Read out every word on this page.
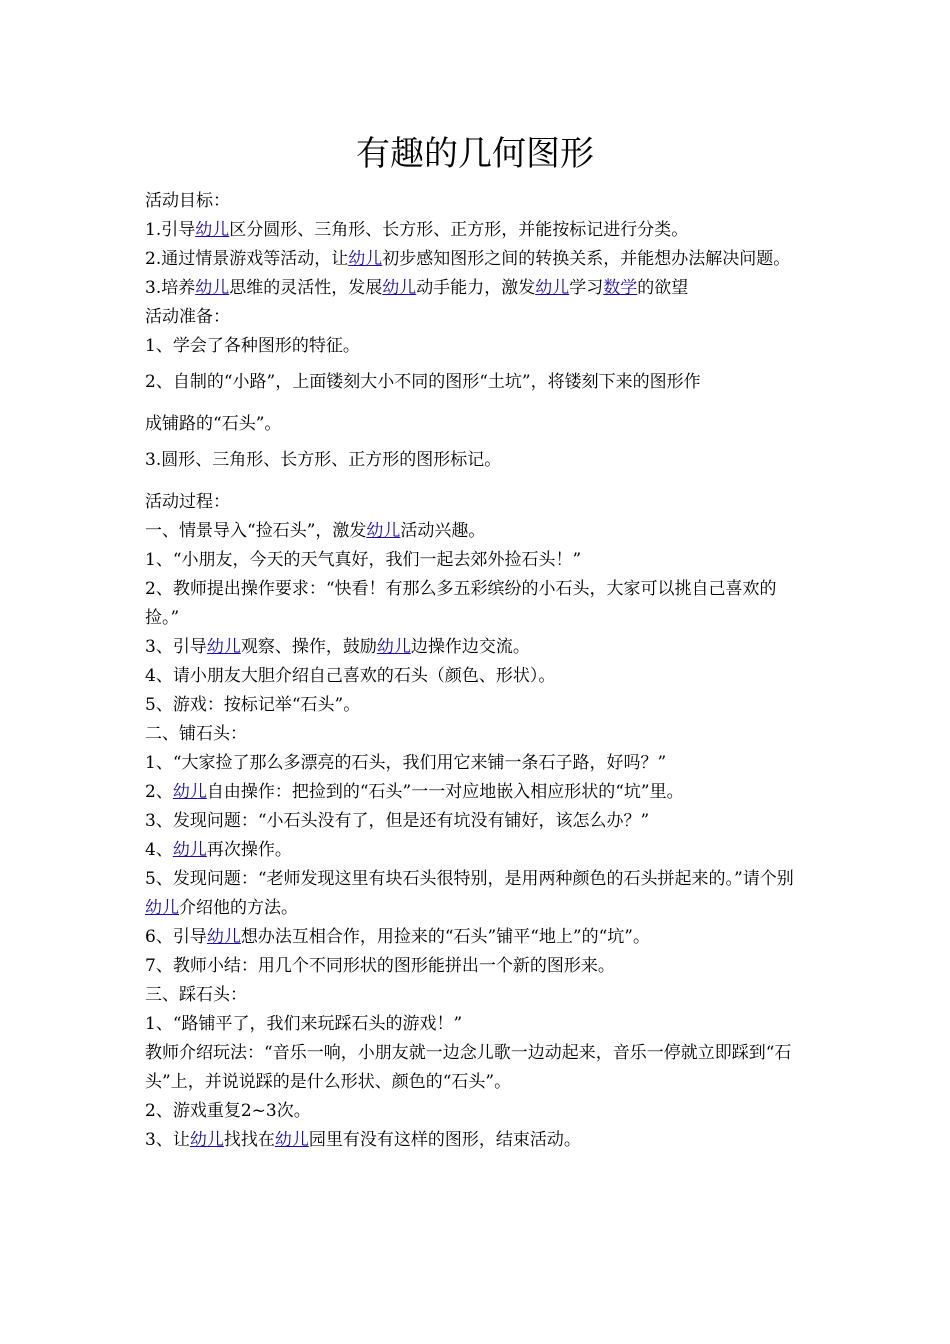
有趣的几何图形

活动目标：

1.引导幼儿区分圆形、三角形、长方形、正方形，并能按标记进行分类。

2.通过情景游戏等活动，让幼儿初步感知图形之间的转换关系，并能想办法解决问题。

3.培养幼儿思维的灵活性，发展幼儿动手能力，激发幼儿学习数学的欲望

活动准备：

1、学会了各种图形的特征。

2、自制的“小路”，上面镂刻大小不同的图形“土坑”，将镂刻下来的图形作

成铺路的“石头”。

3.圆形、三角形、长方形、正方形的图形标记。

活动过程：

一、情景导入“捡石头”，激发幼儿活动兴趣。

1、“小朋友，今天的天气真好，我们一起去郊外捡石头！”

2、教师提出操作要求：“快看！有那么多五彩缤纷的小石头，大家可以挑自己喜欢的捡。”

3、引导幼儿观察、操作，鼓励幼儿边操作边交流。

4、请小朋友大胆介绍自己喜欢的石头（颜色、形状）。

5、游戏：按标记举“石头”。

二、铺石头：

1、“大家捡了那么多漂亮的石头，我们用它来铺一条石子路，好吗？”

2、幼儿自由操作：把捡到的“石头”一一对应地嵌入相应形状的“坑”里。

3、发现问题：“小石头没有了，但是还有坑没有铺好，该怎么办？”

4、幼儿再次操作。

5、发现问题：“老师发现这里有块石头很特别，是用两种颜色的石头拼起来的。”请个别幼儿介绍他的方法。

6、引导幼儿想办法互相合作，用捡来的“石头”铺平“地上”的“坑”。

7、教师小结：用几个不同形状的图形能拼出一个新的图形来。

三、踩石头：

1、“路铺平了，我们来玩踩石头的游戏！”

教师介绍玩法：“音乐一响，小朋友就一边念儿歌一边动起来，音乐一停就立即踩到“石头”上，并说说踩的是什么形状、颜色的“石头”。

2、游戏重复2~3次。

3、让幼儿找找在幼儿园里有没有这样的图形，结束活动。
